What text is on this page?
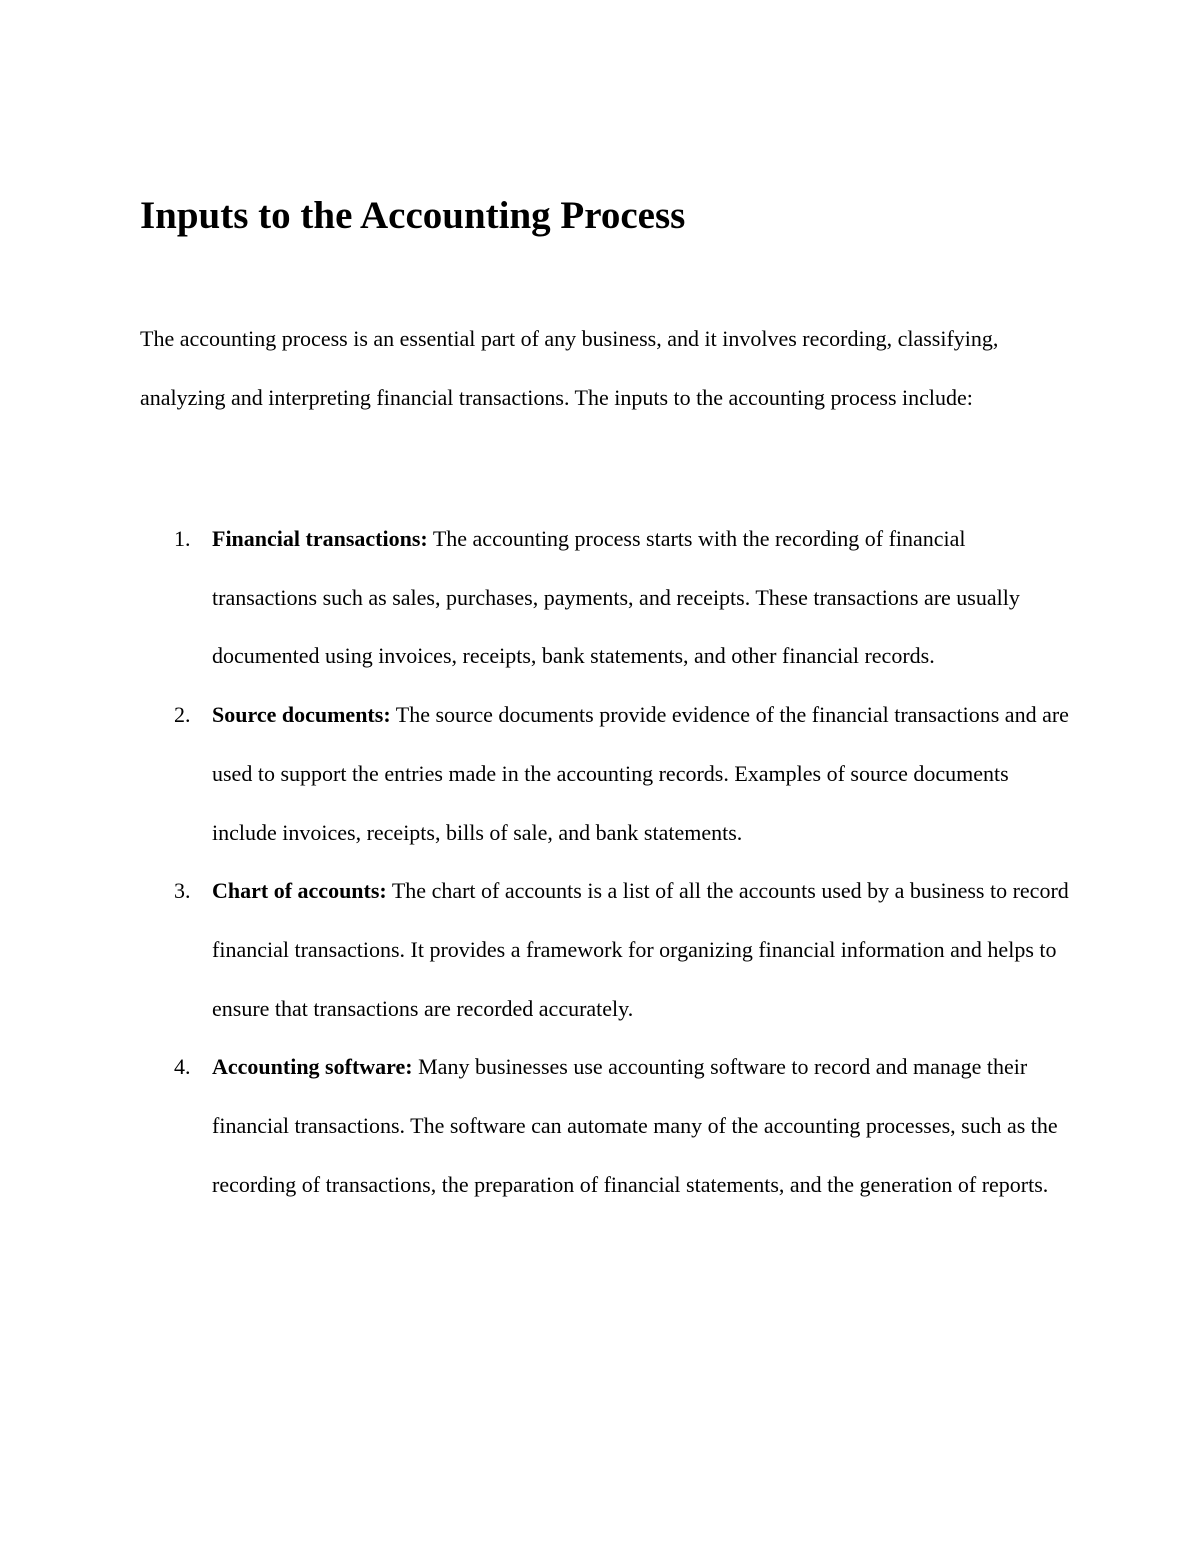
Inputs to the Accounting Process

The accounting process is an essential part of any business, and it involves recording, classifying, analyzing and interpreting financial transactions. The inputs to the accounting process include:

1. Financial transactions: The accounting process starts with the recording of financial transactions such as sales, purchases, payments, and receipts. These transactions are usually documented using invoices, receipts, bank statements, and other financial records.
2. Source documents: The source documents provide evidence of the financial transactions and are used to support the entries made in the accounting records. Examples of source documents include invoices, receipts, bills of sale, and bank statements.
3. Chart of accounts: The chart of accounts is a list of all the accounts used by a business to record financial transactions. It provides a framework for organizing financial information and helps to ensure that transactions are recorded accurately.
4. Accounting software: Many businesses use accounting software to record and manage their financial transactions. The software can automate many of the accounting processes, such as the recording of transactions, the preparation of financial statements, and the generation of reports.
